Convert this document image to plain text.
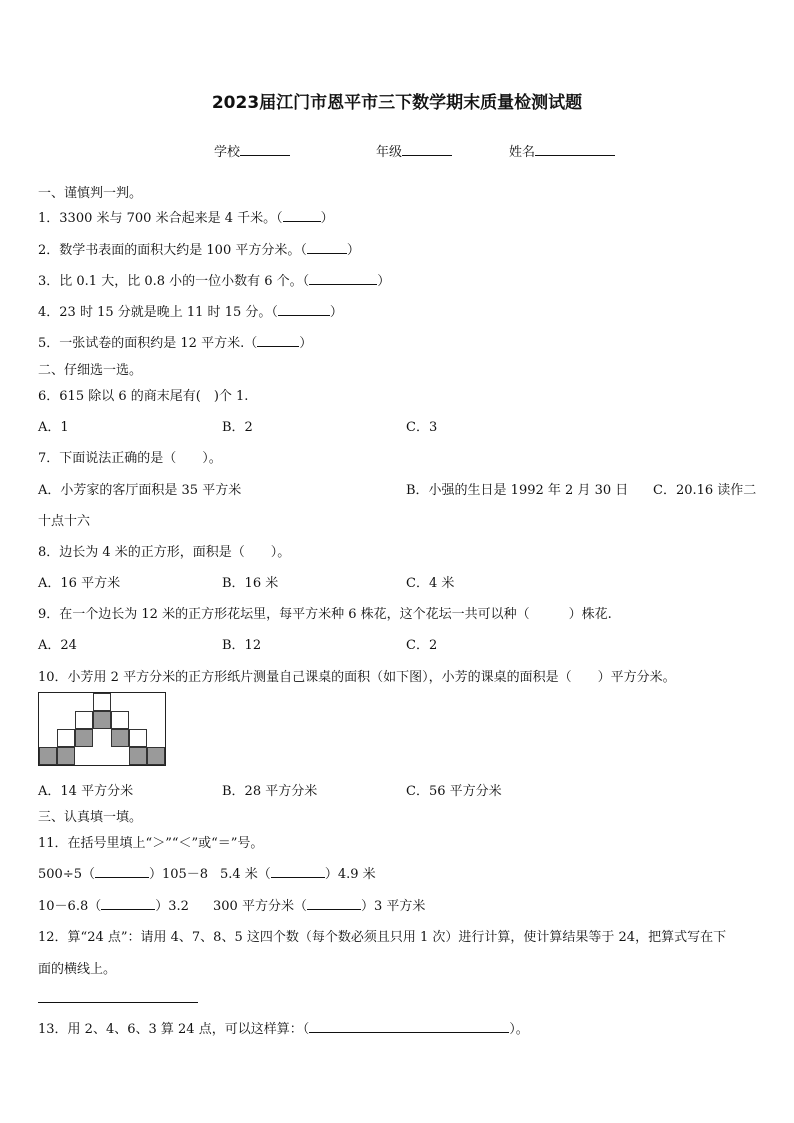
2023届江门市恩平市三下数学期末质量检测试题
学校	年级	姓名
一、谨慎判一判。
1．3300 米与 700 米合起来是 4 千米。（	）
2．数学书表面的面积大约是 100 平方分米。（	）
3．比 0.1 大，比 0.8 小的一位小数有 6 个。（	）
4．23 时 15 分就是晚上 11 时 15 分。（	）
5．一张试卷的面积约是 12 平方米.（	）
二、仔细选一选。
6．615 除以 6 的商末尾有(　)个 1.
A．1	B．2	C．3
7．下面说法正确的是（　　）。
A．小芳家的客厅面积是 35 平方米	B．小强的生日是 1992 年 2 月 30 日 C．20.16 读作二
十点十六
8．边长为 4 米的正方形，面积是（　　）。
A．16 平方米	B．16 米	C．4 米
9．在一个边长为 12 米的正方形花坛里，每平方米种 6 株花，这个花坛一共可以种（　　　）株花.
A．24	B．12	C．2
10．小芳用 2 平方分米的正方形纸片测量自己课桌的面积（如下图），小芳的课桌的面积是（　　）平方分米。
A．14 平方分米	B．28 平方分米	C．56 平方分米
三、认真填一填。
11．在括号里填上“＞”“＜”或“＝”号。
500÷5（	）105－8 5.4 米（	）4.9 米
10－6.8（	）3.2 300 平方分米（	）3 平方米
12．算“24 点”：请用 4、7、8、5 这四个数（每个数必须且只用 1 次）进行计算，使计算结果等于 24，把算式写在下
面的横线上。
13．用 2、4、6、3 算 24 点，可以这样算：（	）。
